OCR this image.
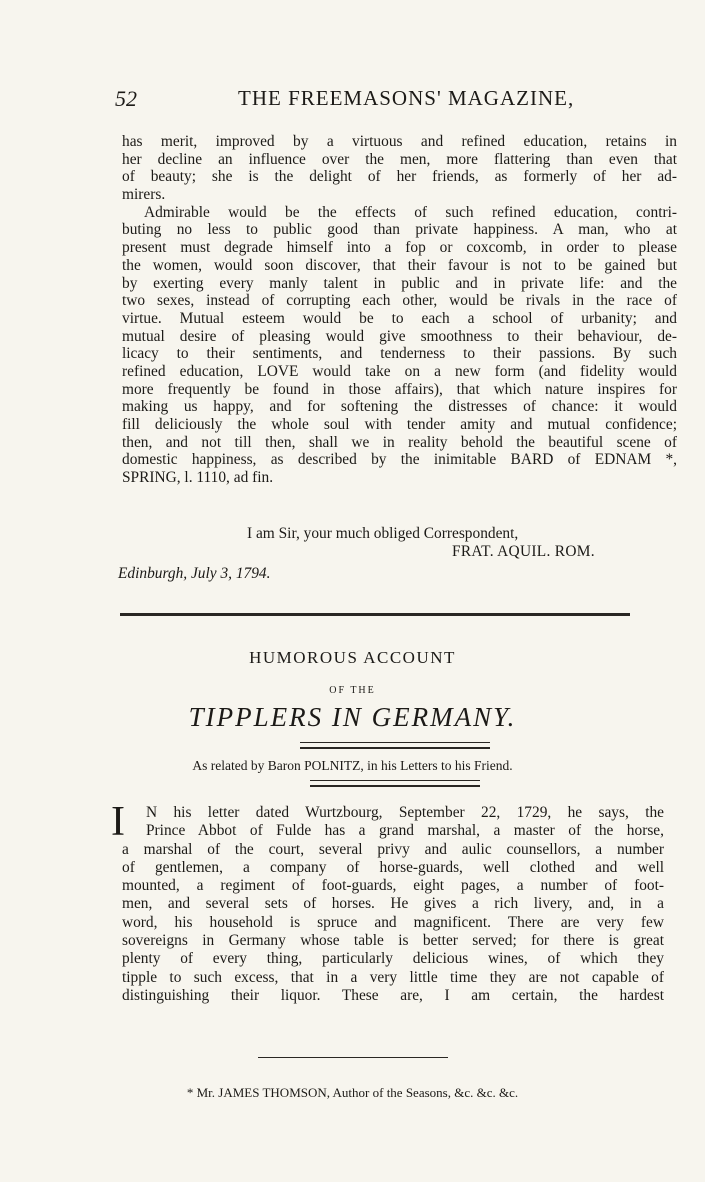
52	THE FREEMASONS' MAGAZINE,
has merit, improved by a virtuous and refined education, retains in
her decline an influence over the men, more flattering than even that
of beauty; she is the delight of her friends, as formerly of her ad-
mirers.
Admirable would be the effects of such refined education, contri-
buting no less to public good than private happiness. A man, who at
present must degrade himself into a fop or coxcomb, in order to please
the women, would soon discover, that their favour is not to be gained but
by exerting every manly talent in public and in private life: and the
two sexes, instead of corrupting each other, would be rivals in the race of
virtue. Mutual esteem would be to each a school of urbanity; and
mutual desire of pleasing would give smoothness to their behaviour, de-
licacy to their sentiments, and tenderness to their passions. By such
refined education, LOVE would take on a new form (and fidelity would
more frequently be found in those affairs), that which nature inspires for
making us happy, and for softening the distresses of chance: it would
fill deliciously the whole soul with tender amity and mutual confidence;
then, and not till then, shall we in reality behold the beautiful scene of
domestic happiness, as described by the inimitable BARD of EDNAM *,
SPRING, l. 1110, ad fin.
I am Sir, your much obliged Correspondent,
FRAT. AQUIL. ROM.
Edinburgh, July 3, 1794.
HUMOROUS ACCOUNT
OF THE
TIPPLERS IN GERMANY.
As related by Baron POLNITZ, in his Letters to his Friend.
I	N his letter dated Wurtzbourg, September 22, 1729, he says, the
Prince Abbot of Fulde has a grand marshal, a master of the horse,
a marshal of the court, several privy and aulic counsellors, a number
of gentlemen, a company of horse-guards, well clothed and well
mounted, a regiment of foot-guards, eight pages, a number of foot-
men, and several sets of horses. He gives a rich livery, and, in a
word, his household is spruce and magnificent. There are very few
sovereigns in Germany whose table is better served; for there is great
plenty of every thing, particularly delicious wines, of which they
tipple to such excess, that in a very little time they are not capable of
distinguishing their liquor. These are, I am certain, the hardest
* Mr. JAMES THOMSON, Author of the Seasons, &c. &c. &c.
